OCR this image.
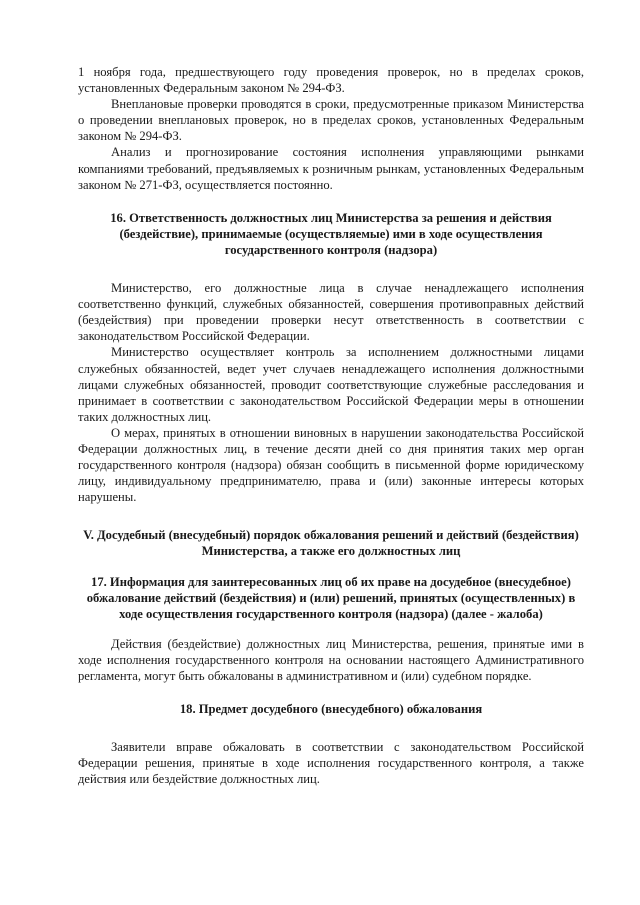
1 ноября года, предшествующего году проведения проверок, но в пределах сроков, установленных Федеральным законом № 294-ФЗ.

Внеплановые проверки проводятся в сроки, предусмотренные приказом Министерства о проведении внеплановых проверок, но в пределах сроков, установленных Федеральным законом № 294-ФЗ.

Анализ и прогнозирование состояния исполнения управляющими рынками компаниями требований, предъявляемых к розничным рынкам, установленных Федеральным законом № 271-ФЗ, осуществляется постоянно.

16. Ответственность должностных лиц Министерства за решения и действия (бездействие), принимаемые (осуществляемые) ими в ходе осуществления государственного контроля (надзора)

Министерство, его должностные лица в случае ненадлежащего исполнения соответственно функций, служебных обязанностей, совершения противоправных действий (бездействия) при проведении проверки несут ответственность в соответствии с законодательством Российской Федерации.

Министерство осуществляет контроль за исполнением должностными лицами служебных обязанностей, ведет учет случаев ненадлежащего исполнения должностными лицами служебных обязанностей, проводит соответствующие служебные расследования и принимает в соответствии с законодательством Российской Федерации меры в отношении таких должностных лиц.

О мерах, принятых в отношении виновных в нарушении законодательства Российской Федерации должностных лиц, в течение десяти дней со дня принятия таких мер орган государственного контроля (надзора) обязан сообщить в письменной форме юридическому лицу, индивидуальному предпринимателю, права и (или) законные интересы которых нарушены.

V. Досудебный (внесудебный) порядок обжалования решений и действий (бездействия) Министерства, а также его должностных лиц
17. Информация для заинтересованных лиц об их праве на досудебное (внесудебное) обжалование действий (бездействия) и (или) решений, принятых (осуществленных) в ходе осуществления государственного контроля (надзора) (далее - жалоба)

Действия (бездействие) должностных лиц Министерства, решения, принятые ими в ходе исполнения государственного контроля на основании настоящего Административного регламента, могут быть обжалованы в административном и (или) судебном порядке.

18. Предмет досудебного (внесудебного) обжалования

Заявители вправе обжаловать в соответствии с законодательством Российской Федерации решения, принятые в ходе исполнения государственного контроля, а также действия или бездействие должностных лиц.
